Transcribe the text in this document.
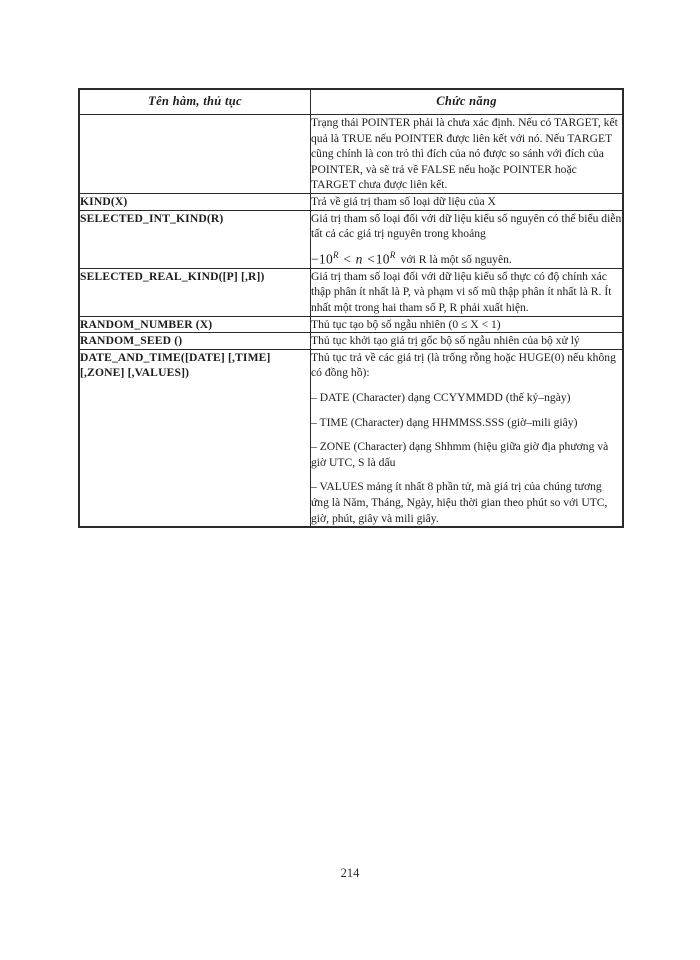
Tên hàm, thủ tục	Chức năng

	Trạng thái POINTER phải là chưa xác định. Nếu có TARGET, kết quả là TRUE nếu POINTER được liên kết với nó. Nếu TARGET cũng chính là con trỏ thì đích của nó được so sánh với đích của POINTER, và sẽ trả về FALSE nếu hoặc POINTER hoặc TARGET chưa được liên kết.

KIND(X)	Trả về giá trị tham số loại dữ liệu của X

SELECTED_INT_KIND(R)	Giá trị tham số loại đối với dữ liệu kiểu số nguyên có thể biểu diễn tất cả các giá trị nguyên trong khoảng

$-10^R < n <10^R$ với R là một số nguyên.

SELECTED_REAL_KIND([P] [,R])	Giá trị tham số loại đối với dữ liệu kiểu số thực có độ chính xác thập phân ít nhất là P, và phạm vi số mũ thập phân ít nhất là R. Ít nhất một trong hai tham số P, R phải xuất hiện.

RANDOM_NUMBER (X)	Thủ tục tạo bộ số ngẫu nhiên (0 ≤ X < 1)

RANDOM_SEED ()	Thủ tục khởi tạo giá trị gốc bộ số ngẫu nhiên của bộ xử lý

DATE_AND_TIME([DATE] [,TIME] [,ZONE] [,VALUES])	Thủ tục trả về các giá trị (là trống rỗng hoặc HUGE(0) nếu không có đồng hồ):

– DATE (Character) dạng CCYYMMDD (thế kỷ–ngày)

– TIME (Character) dạng HHMMSS.SSS (giờ–mili giây)

– ZONE (Character) dạng Shhmm (hiệu giữa giờ địa phương và giờ UTC, S là dấu

– VALUES mảng ít nhất 8 phần tử, mà giá trị của chúng tương ứng là Năm, Tháng, Ngày, hiệu thời gian theo phút so với UTC, giờ, phút, giây và mili giây.

214
